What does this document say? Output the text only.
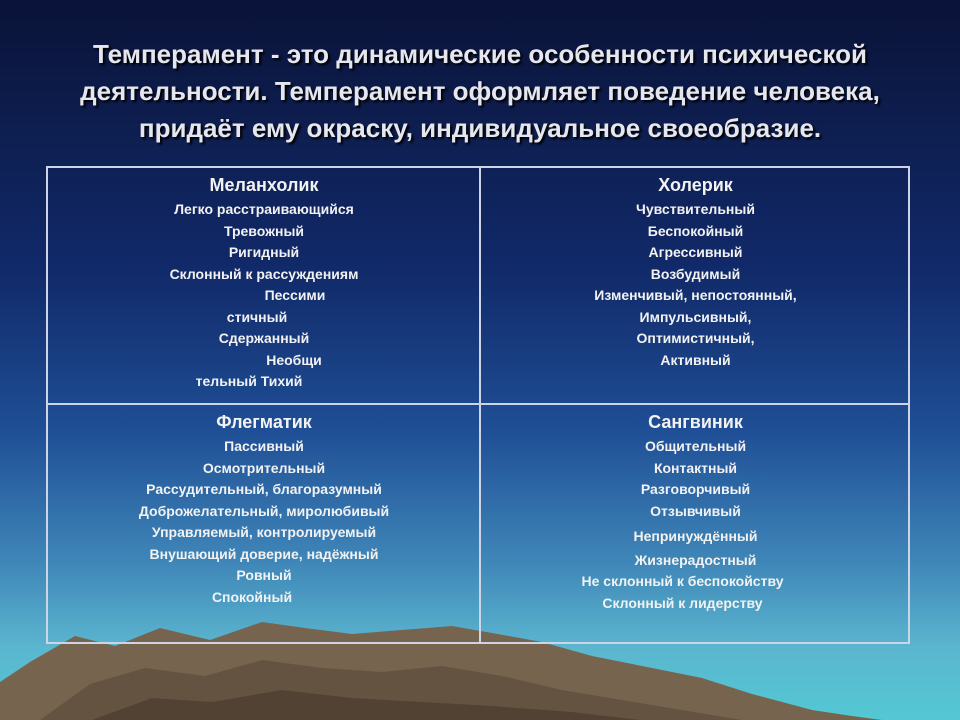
Темперамент - это динамические особенности психической
деятельности. Темперамент оформляет поведение человека,
придаёт ему окраску, индивидуальное своеобразие.
Меланхолик
Легко расстраивающийся
Тревожный
Ригидный
Склонный к рассуждениям
Пессими
стичный
Сдержанный
Необщи
тельный Тихий
Холерик
Чувствительный
Беспокойный
Агрессивный
Возбудимый
Изменчивый, непостоянный,
Импульсивный,
Оптимистичный,
Активный
Флегматик
Пассивный
Осмотрительный
Рассудительный, благоразумный
Доброжелательный, миролюбивый
Управляемый, контролируемый
Внушающий доверие, надёжный
Ровный
Спокойный
Сангвиник
Общительный
Контактный
Разговорчивый
Отзывчивый
Непринуждённый
Жизнерадостный
Не склонный к беспокойству
Склонный к лидерству
